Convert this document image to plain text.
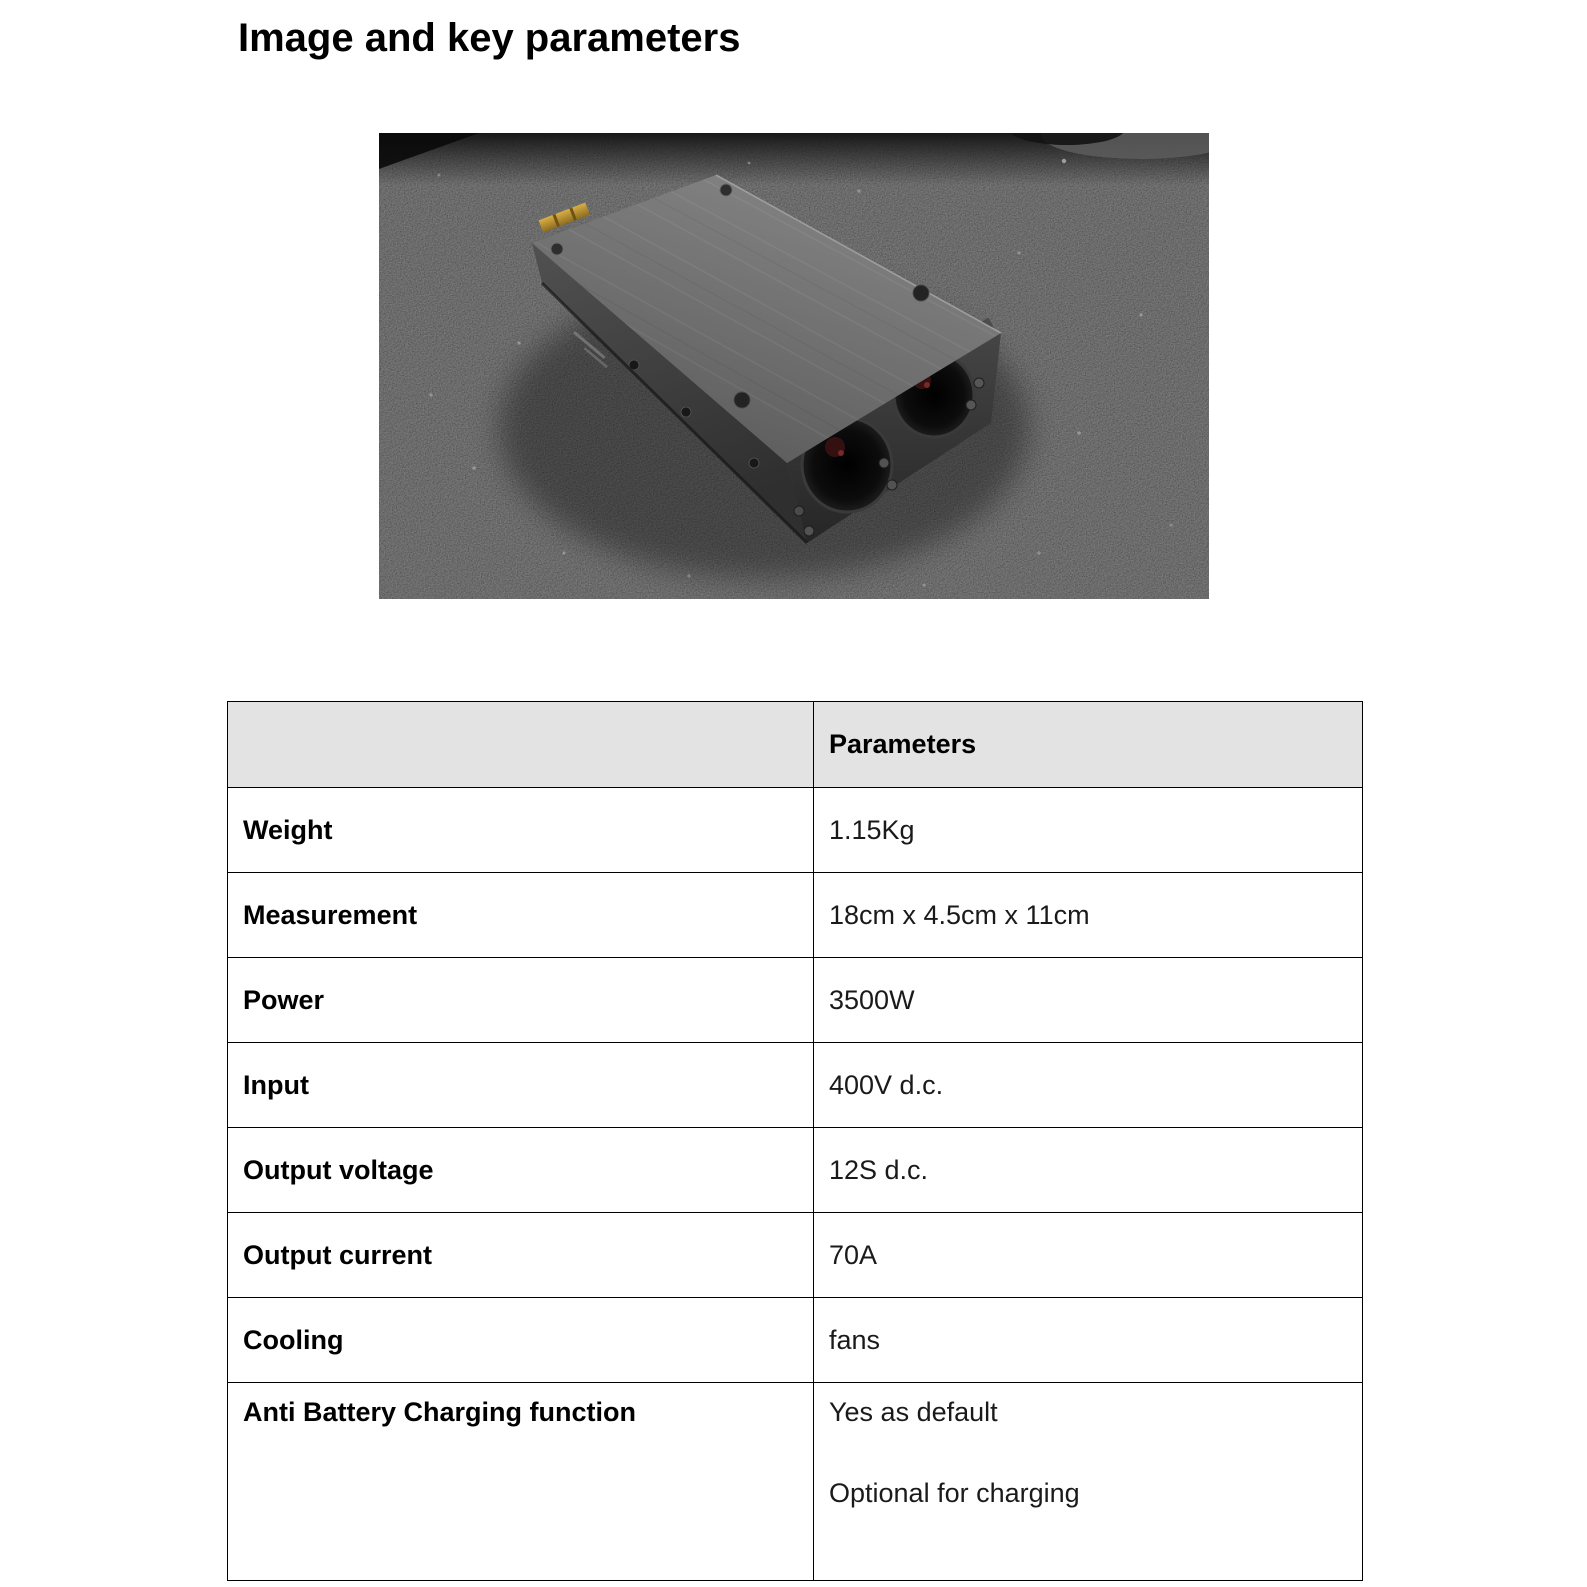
Image and key parameters
	Parameters
Weight	1.15Kg
Measurement	18cm x 4.5cm x 11cm
Power	3500W
Input	400V d.c.
Output voltage	12S d.c.
Output current	70A
Cooling	fans
Anti Battery Charging function	Yes as default
Optional for charging
